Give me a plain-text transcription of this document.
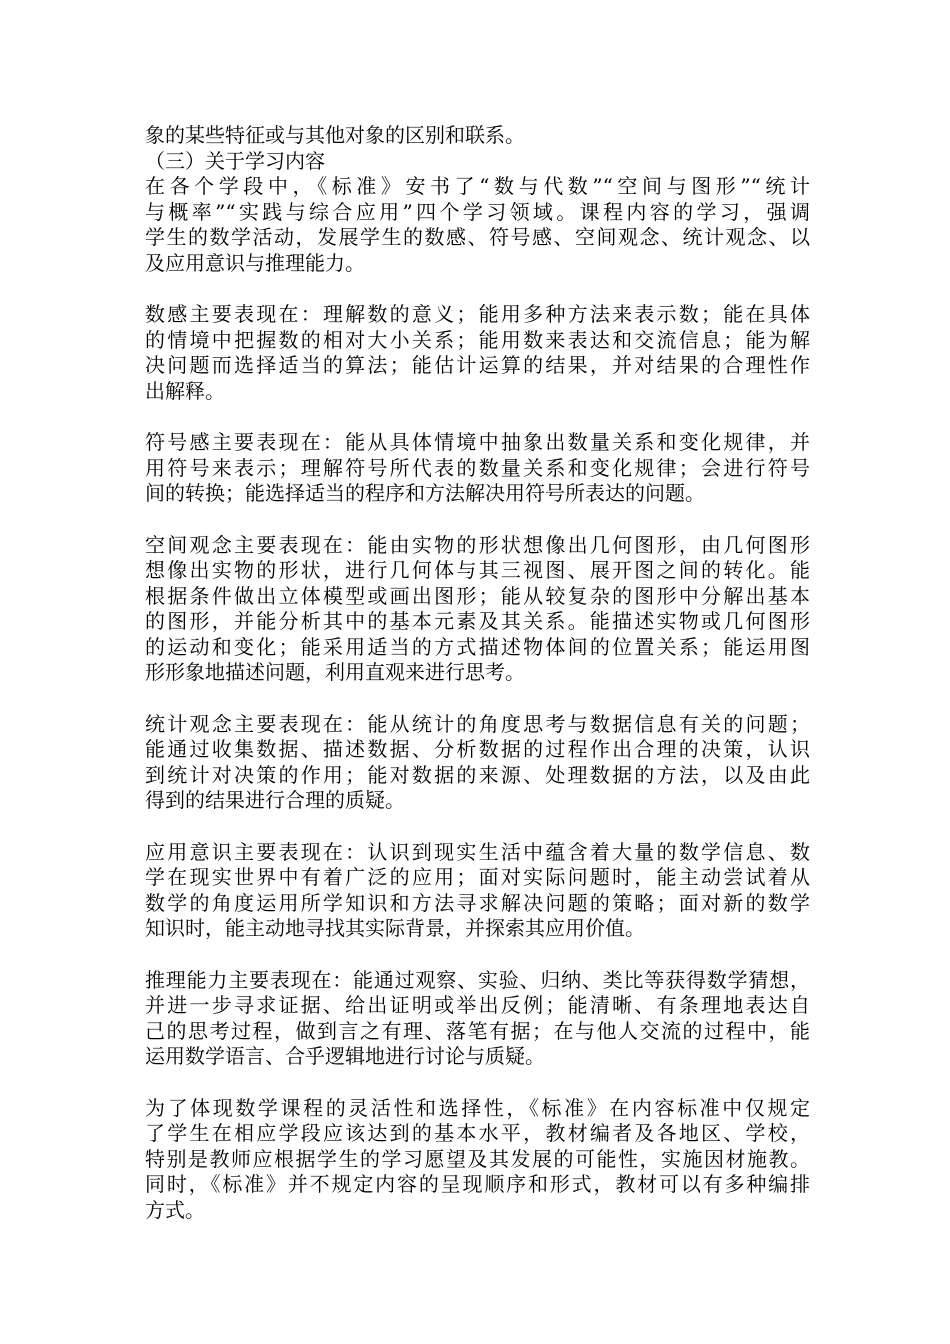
象的某些特征或与其他对象的区别和联系。
（三）关于学习内容
在各个学段中，《标准》安书了“数与代数”“空间与图形”“统计
与概率”“实践与综合应用”四个学习领域。课程内容的学习，强调
学生的数学活动，发展学生的数感、符号感、空间观念、统计观念、以
及应用意识与推理能力。
数感主要表现在：理解数的意义；能用多种方法来表示数；能在具体
的情境中把握数的相对大小关系；能用数来表达和交流信息；能为解
决问题而选择适当的算法；能估计运算的结果，并对结果的合理性作
出解释。
符号感主要表现在：能从具体情境中抽象出数量关系和变化规律，并
用符号来表示；理解符号所代表的数量关系和变化规律；会进行符号
间的转换；能选择适当的程序和方法解决用符号所表达的问题。
空间观念主要表现在：能由实物的形状想像出几何图形，由几何图形
想像出实物的形状，进行几何体与其三视图、展开图之间的转化。能
根据条件做出立体模型或画出图形；能从较复杂的图形中分解出基本
的图形，并能分析其中的基本元素及其关系。能描述实物或几何图形
的运动和变化；能采用适当的方式描述物体间的位置关系；能运用图
形形象地描述问题，利用直观来进行思考。
统计观念主要表现在：能从统计的角度思考与数据信息有关的问题；
能通过收集数据、描述数据、分析数据的过程作出合理的决策，认识
到统计对决策的作用；能对数据的来源、处理数据的方法，以及由此
得到的结果进行合理的质疑。
应用意识主要表现在：认识到现实生活中蕴含着大量的数学信息、数
学在现实世界中有着广泛的应用；面对实际问题时，能主动尝试着从
数学的角度运用所学知识和方法寻求解决问题的策略；面对新的数学
知识时，能主动地寻找其实际背景，并探索其应用价值。
推理能力主要表现在：能通过观察、实验、归纳、类比等获得数学猜想，
并进一步寻求证据、给出证明或举出反例；能清晰、有条理地表达自
己的思考过程，做到言之有理、落笔有据；在与他人交流的过程中，能
运用数学语言、合乎逻辑地进行讨论与质疑。
为了体现数学课程的灵活性和选择性，《标准》在内容标准中仅规定
了学生在相应学段应该达到的基本水平，教材编者及各地区、学校，
特别是教师应根据学生的学习愿望及其发展的可能性，实施因材施教。
同时，《标准》并不规定内容的呈现顺序和形式，教材可以有多种编排
方式。
